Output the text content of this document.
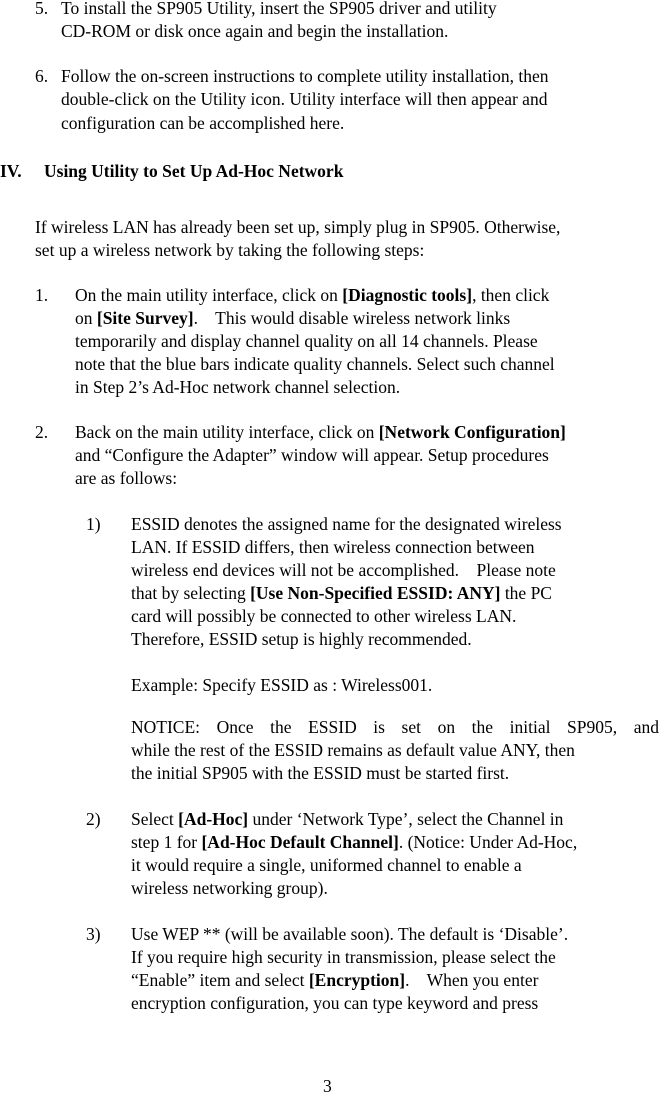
5. To install the SP905 Utility, insert the SP905 driver and utility
CD-ROM or disk once again and begin the installation.
6. Follow the on-screen instructions to complete utility installation, then
double-click on the Utility icon. Utility interface will then appear and
configuration can be accomplished here.
IV. Using Utility to Set Up Ad-Hoc Network
If wireless LAN has already been set up, simply plug in SP905. Otherwise,
set up a wireless network by taking the following steps:
1. On the main utility interface, click on [Diagnostic tools], then click
on [Site Survey].    This would disable wireless network links
temporarily and display channel quality on all 14 channels. Please
note that the blue bars indicate quality channels. Select such channel
in Step 2’s Ad-Hoc network channel selection.
2. Back on the main utility interface, click on [Network Configuration]
and “Configure the Adapter” window will appear. Setup procedures
are as follows:
1) ESSID denotes the assigned name for the designated wireless
LAN. If ESSID differs, then wireless connection between
wireless end devices will not be accomplished.    Please note
that by selecting [Use Non-Specified ESSID: ANY] the PC
card will possibly be connected to other wireless LAN.
Therefore, ESSID setup is highly recommended.
Example: Specify ESSID as : Wireless001.
NOTICE: Once the ESSID is set on the initial SP905, and
while the rest of the ESSID remains as default value ANY, then
the initial SP905 with the ESSID must be started first.
2) Select [Ad-Hoc] under ‘Network Type’, select the Channel in
step 1 for [Ad-Hoc Default Channel]. (Notice: Under Ad-Hoc,
it would require a single, uniformed channel to enable a
wireless networking group).
3) Use WEP ** (will be available soon). The default is ‘Disable’.
If you require high security in transmission, please select the
“Enable” item and select [Encryption].    When you enter
encryption configuration, you can type keyword and press
3
